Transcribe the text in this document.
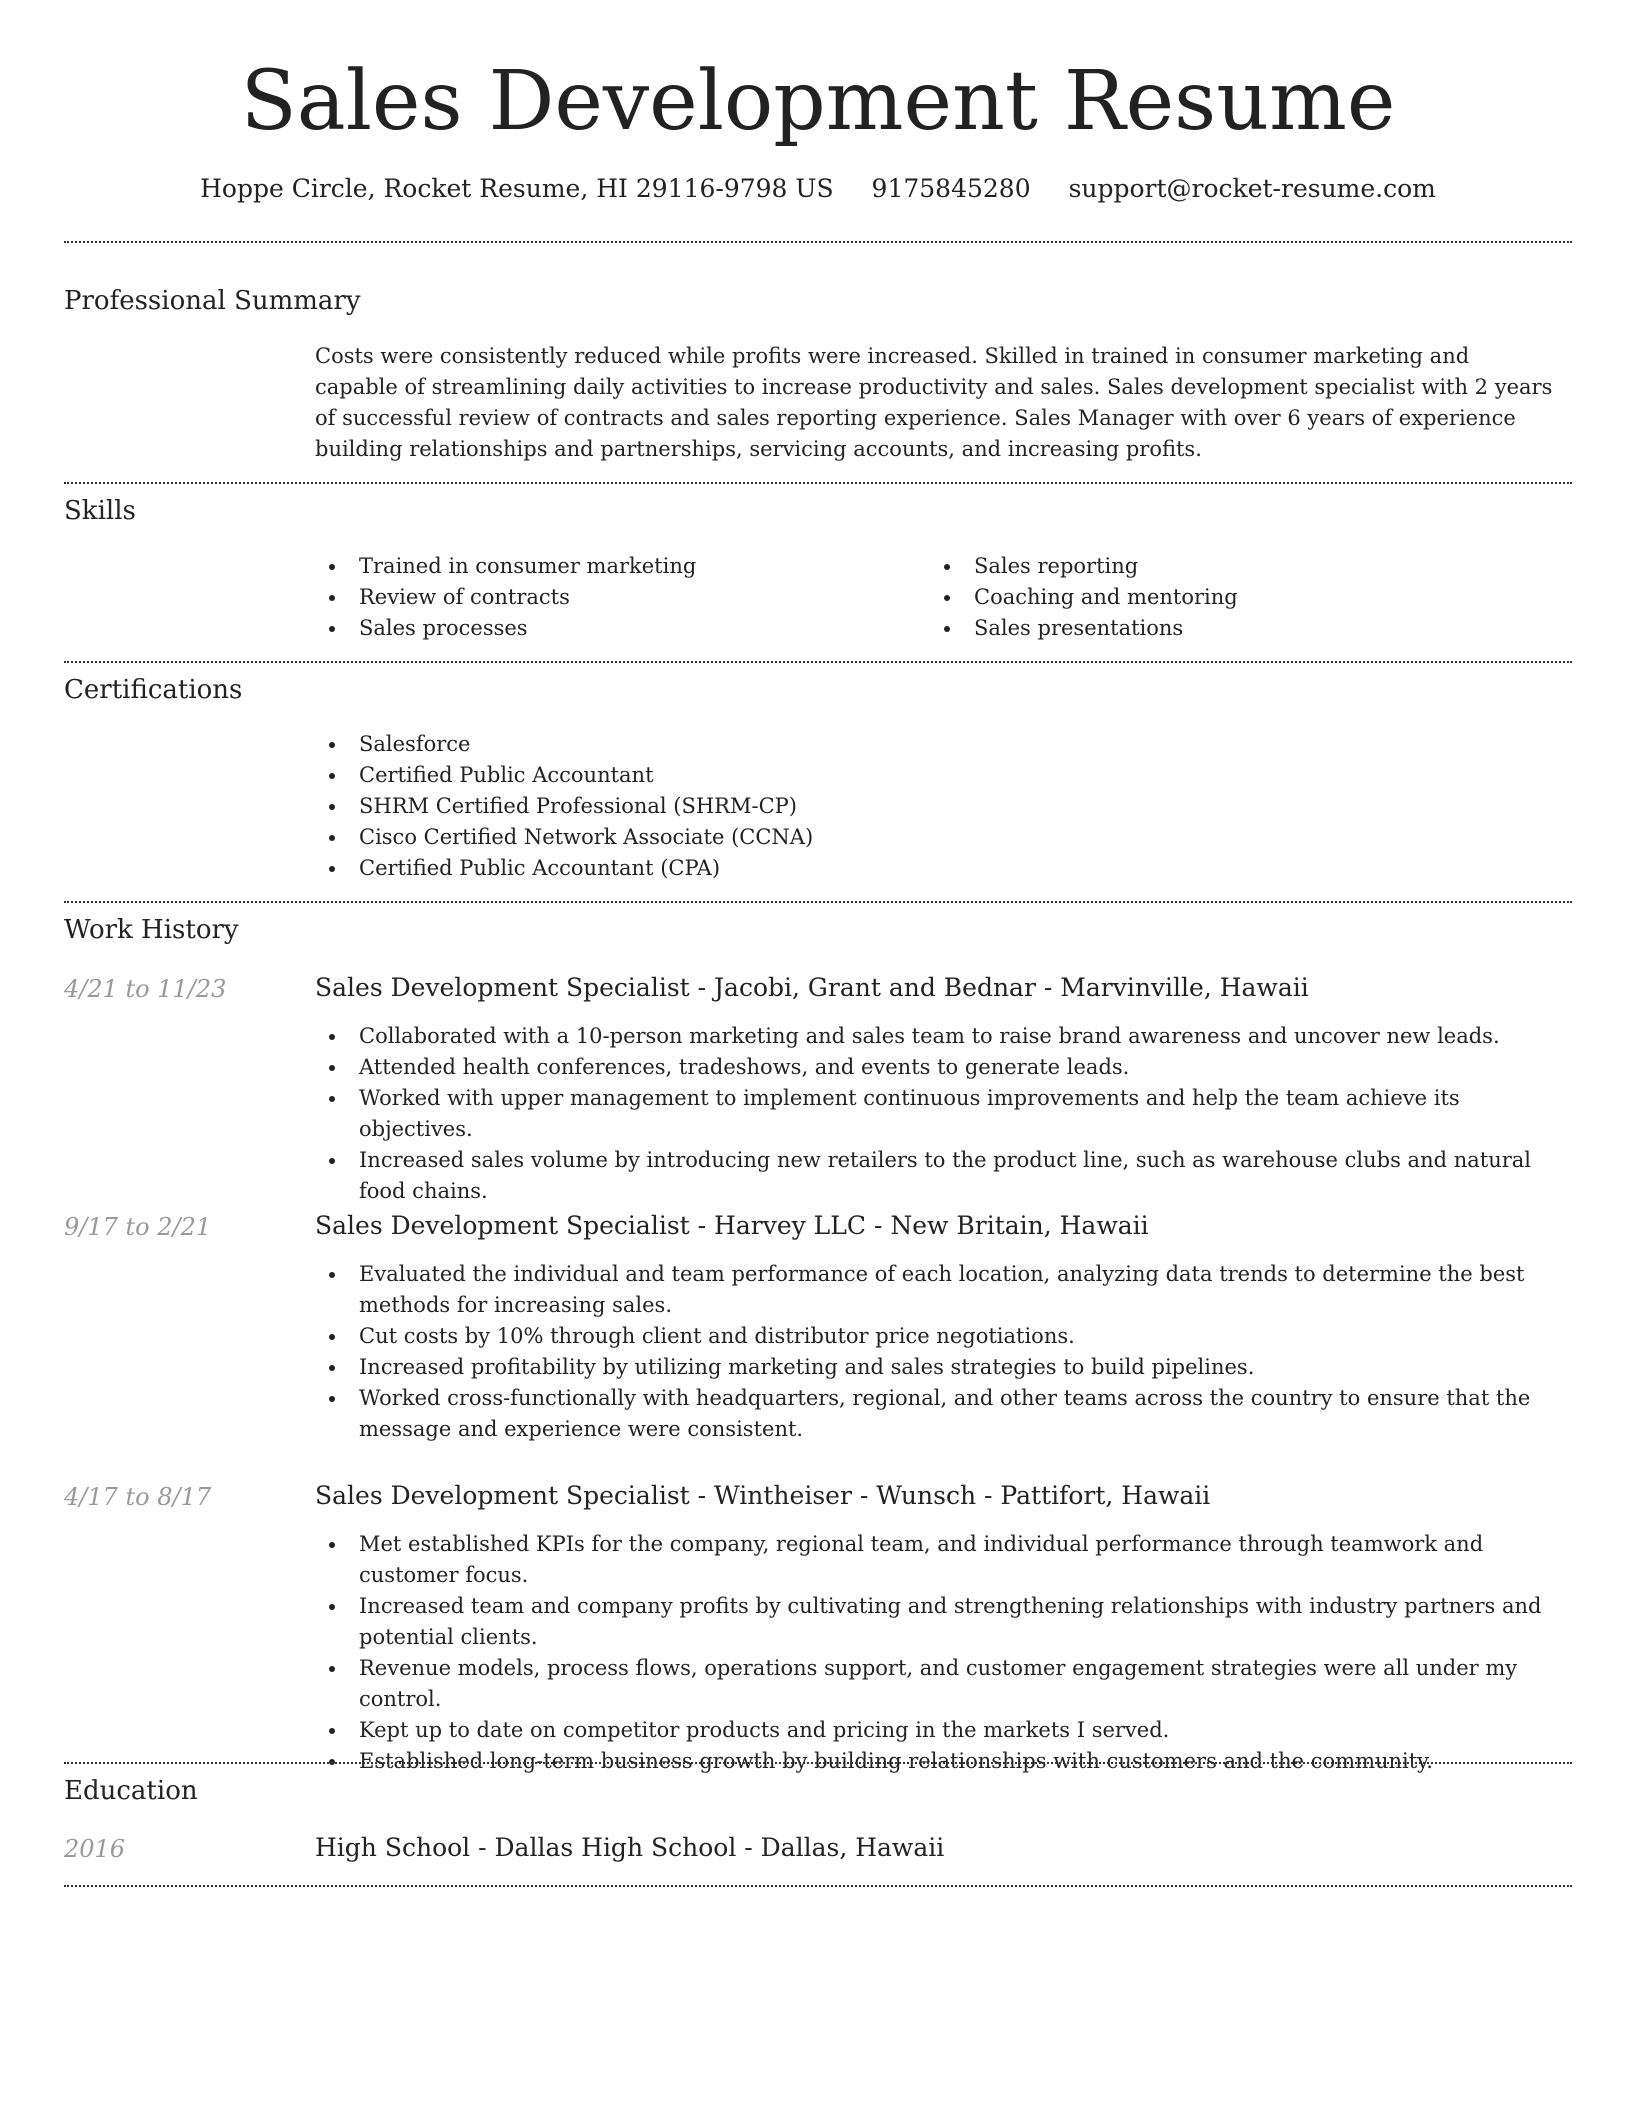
Sales Development Resume
Hoppe Circle, Rocket Resume, HI 29116-9798 US 9175845280 support@rocket-resume.com
Professional Summary
Costs were consistently reduced while profits were increased. Skilled in trained in consumer marketing and capable of streamlining daily activities to increase productivity and sales. Sales development specialist with 2 years of successful review of contracts and sales reporting experience. Sales Manager with over 6 years of experience building relationships and partnerships, servicing accounts, and increasing profits.
Skills
Trained in consumer marketing
Review of contracts
Sales processes
Sales reporting
Coaching and mentoring
Sales presentations
Certifications
Salesforce
Certified Public Accountant
SHRM Certified Professional (SHRM-CP)
Cisco Certified Network Associate (CCNA)
Certified Public Accountant (CPA)
Work History
4/21 to 11/23	Sales Development Specialist - Jacobi, Grant and Bednar - Marvinville, Hawaii
Collaborated with a 10-person marketing and sales team to raise brand awareness and uncover new leads.
Attended health conferences, tradeshows, and events to generate leads.
Worked with upper management to implement continuous improvements and help the team achieve its objectives.
Increased sales volume by introducing new retailers to the product line, such as warehouse clubs and natural food chains.
9/17 to 2/21	Sales Development Specialist - Harvey LLC - New Britain, Hawaii
Evaluated the individual and team performance of each location, analyzing data trends to determine the best methods for increasing sales.
Cut costs by 10% through client and distributor price negotiations.
Increased profitability by utilizing marketing and sales strategies to build pipelines.
Worked cross-functionally with headquarters, regional, and other teams across the country to ensure that the message and experience were consistent.
4/17 to 8/17	Sales Development Specialist - Wintheiser - Wunsch - Pattifort, Hawaii
Met established KPIs for the company, regional team, and individual performance through teamwork and customer focus.
Increased team and company profits by cultivating and strengthening relationships with industry partners and potential clients.
Revenue models, process flows, operations support, and customer engagement strategies were all under my control.
Kept up to date on competitor products and pricing in the markets I served.
Established long-term business growth by building relationships with customers and the community.
Education
2016	High School - Dallas High School - Dallas, Hawaii
